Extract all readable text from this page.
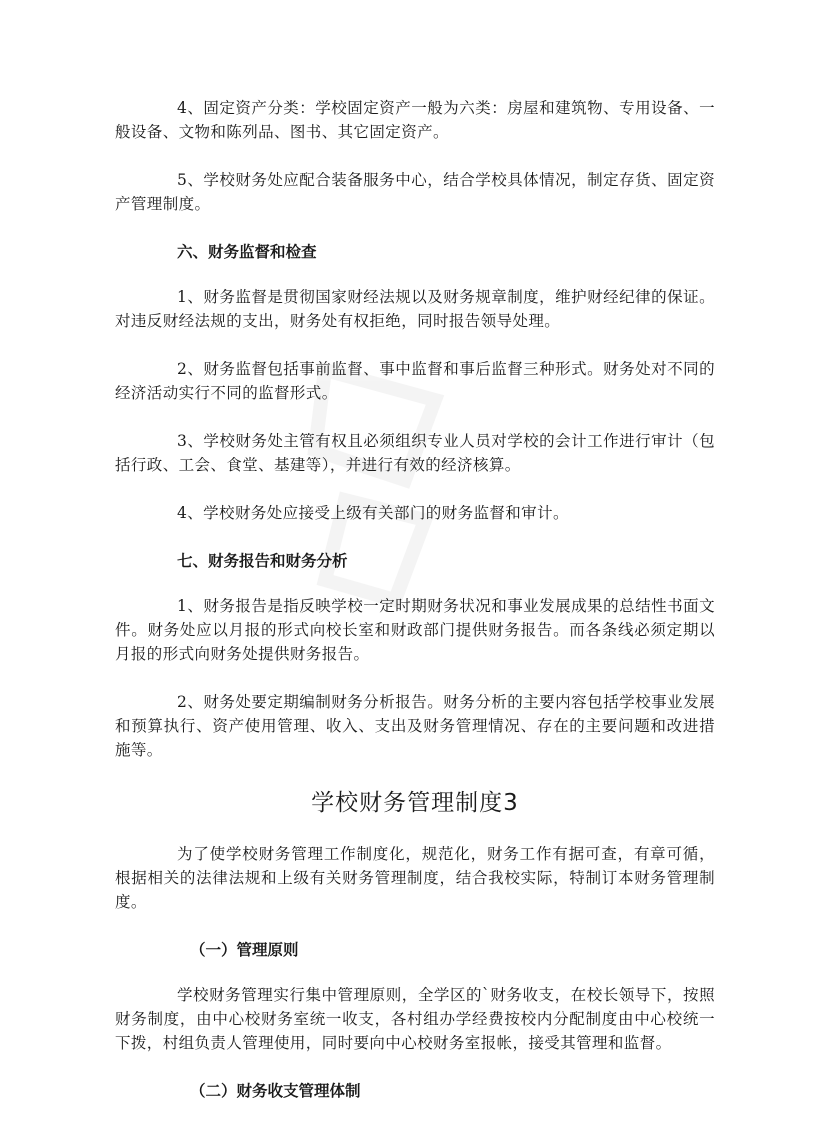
4、固定资产分类：学校固定资产一般为六类：房屋和建筑物、专用设备、一般设备、文物和陈列品、图书、其它固定资产。

5、学校财务处应配合装备服务中心，结合学校具体情况，制定存货、固定资产管理制度。

六、财务监督和检查

1、财务监督是贯彻国家财经法规以及财务规章制度，维护财经纪律的保证。对违反财经法规的支出，财务处有权拒绝，同时报告领导处理。

2、财务监督包括事前监督、事中监督和事后监督三种形式。财务处对不同的经济活动实行不同的监督形式。

3、学校财务处主管有权且必须组织专业人员对学校的会计工作进行审计（包括行政、工会、食堂、基建等），并进行有效的经济核算。

4、学校财务处应接受上级有关部门的财务监督和审计。

七、财务报告和财务分析

1、财务报告是指反映学校一定时期财务状况和事业发展成果的总结性书面文件。财务处应以月报的形式向校长室和财政部门提供财务报告。而各条线必须定期以月报的形式向财务处提供财务报告。

2、财务处要定期编制财务分析报告。财务分析的主要内容包括学校事业发展和预算执行、资产使用管理、收入、支出及财务管理情况、存在的主要问题和改进措施等。

学校财务管理制度3

为了使学校财务管理工作制度化，规范化，财务工作有据可查，有章可循，根据相关的法律法规和上级有关财务管理制度，结合我校实际，特制订本财务管理制度。

（一）管理原则

学校财务管理实行集中管理原则，全学区的`财务收支，在校长领导下，按照财务制度，由中心校财务室统一收支，各村组办学经费按校内分配制度由中心校统一下拨，村组负责人管理使用，同时要向中心校财务室报帐，接受其管理和监督。

（二）财务收支管理体制
